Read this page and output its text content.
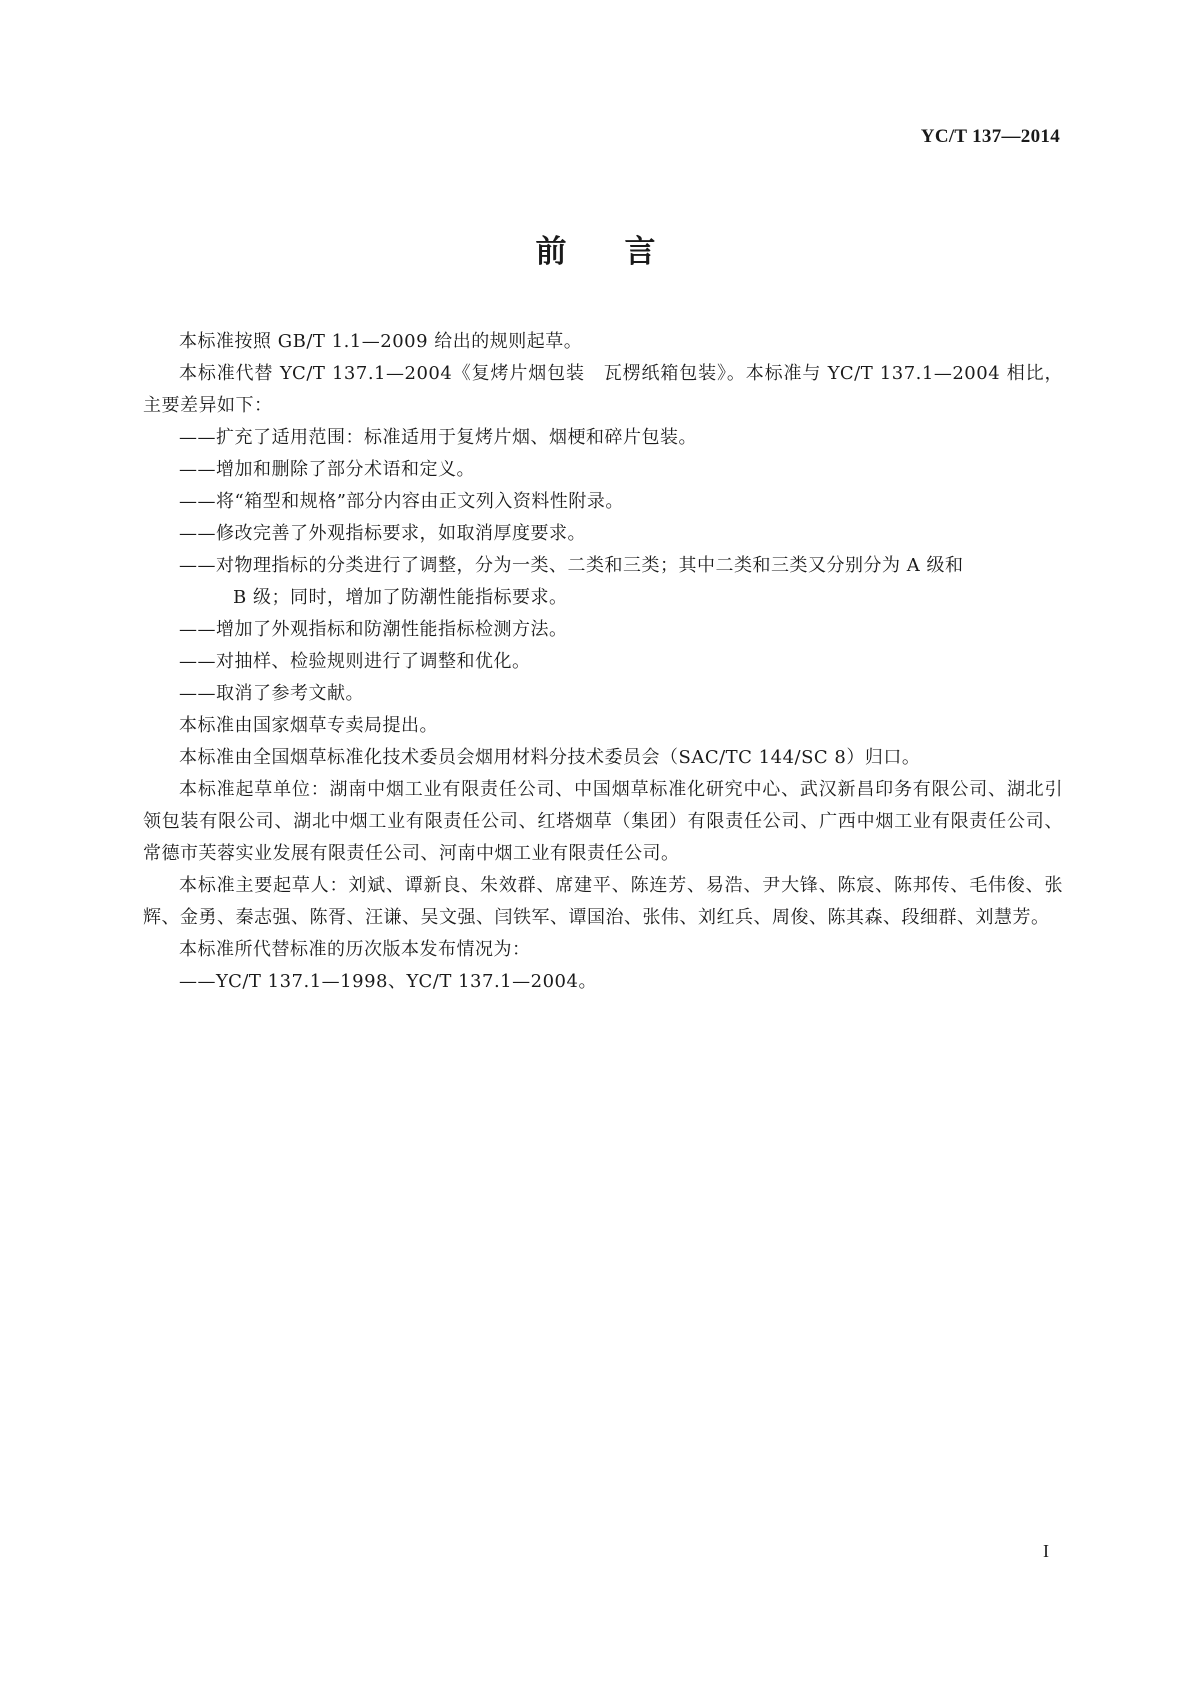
YC/T 137—2014
前言

本标准按照 GB/T 1.1—2009 给出的规则起草。

本标准代替 YC/T 137.1—2004《复烤片烟包装　瓦楞纸箱包装》。本标准与 YC/T 137.1—2004 相比，主要差异如下：

——扩充了适用范围：标准适用于复烤片烟、烟梗和碎片包装。
——增加和删除了部分术语和定义。
——将“箱型和规格”部分内容由正文列入资料性附录。
——修改完善了外观指标要求，如取消厚度要求。
——对物理指标的分类进行了调整，分为一类、二类和三类；其中二类和三类又分别分为 A 级和
B 级；同时，增加了防潮性能指标要求。
——增加了外观指标和防潮性能指标检测方法。
——对抽样、检验规则进行了调整和优化。
——取消了参考文献。

本标准由国家烟草专卖局提出。

本标准由全国烟草标准化技术委员会烟用材料分技术委员会（SAC/TC 144/SC 8）归口。

本标准起草单位：湖南中烟工业有限责任公司、中国烟草标准化研究中心、武汉新昌印务有限公司、湖北引领包装有限公司、湖北中烟工业有限责任公司、红塔烟草（集团）有限责任公司、广西中烟工业有限责任公司、常德市芙蓉实业发展有限责任公司、河南中烟工业有限责任公司。

本标准主要起草人：刘斌、谭新良、朱效群、席建平、陈连芳、易浩、尹大锋、陈宸、陈邦传、毛伟俊、张辉、金勇、秦志强、陈胥、汪谦、吴文强、闫铁军、谭国治、张伟、刘红兵、周俊、陈其森、段细群、刘慧芳。

本标准所代替标准的历次版本发布情况为：

——YC/T 137.1—1998、YC/T 137.1—2004。
I
